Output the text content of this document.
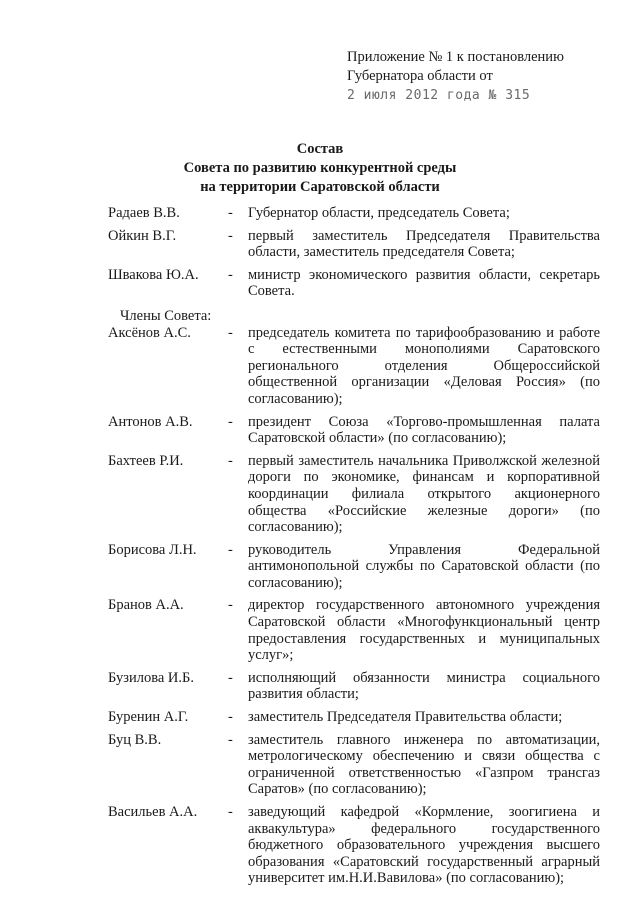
Приложение № 1 к постановлению
Губернатора области от
2 июля 2012 года № 315
Состав
Совета по развитию конкурентной среды
на территории Саратовской области
Радаев В.В.	-	Губернатор области, председатель Совета;
Ойкин В.Г.	-	первый заместитель Председателя Правительства области, заместитель председателя Совета;
Швакова Ю.А.	-	министр экономического развития области, секретарь Совета.
Члены Совета:
Аксёнов А.С.	-	председатель комитета по тарифообразованию и работе с естественными монополиями Саратовского регионального отделения Общероссийской общественной организации «Деловая Россия» (по согласованию);
Антонов А.В.	-	президент Союза «Торгово-промышленная палата Саратовской области» (по согласованию);
Бахтеев Р.И.	-	первый заместитель начальника Приволжской железной дороги по экономике, финансам и корпоративной координации филиала открытого акционерного общества «Российские железные дороги» (по согласованию);
Борисова Л.Н.	-	руководитель Управления Федеральной антимонопольной службы по Саратовской области (по согласованию);
Бранов А.А.	-	директор государственного автономного учреждения Саратовской области «Многофункциональный центр предоставления государственных и муниципальных услуг»;
Бузилова И.Б.	-	исполняющий обязанности министра социального развития области;
Буренин А.Г.	-	заместитель Председателя Правительства области;
Буц В.В.	-	заместитель главного инженера по автоматизации, метрологическому обеспечению и связи общества с ограниченной ответственностью «Газпром трансгаз Саратов» (по согласованию);
Васильев А.А.	-	заведующий кафедрой «Кормление, зоогигиена и аквакультура» федерального государственного бюджетного образовательного учреждения высшего образования «Саратовский государственный аграрный университет им.Н.И.Вавилова» (по согласованию);
